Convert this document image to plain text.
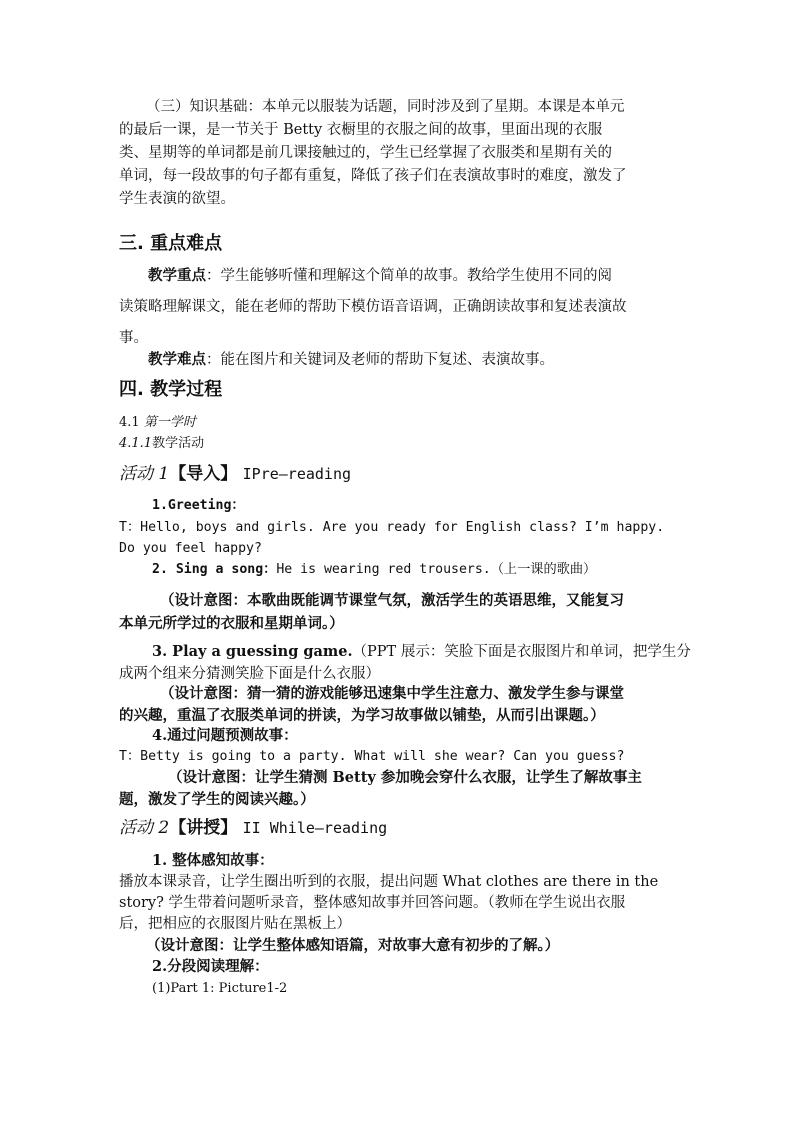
（三）知识基础：本单元以服装为话题，同时涉及到了星期。本课是本单元
的最后一课，是一节关于 Betty 衣橱里的衣服之间的故事，里面出现的衣服
类、星期等的单词都是前几课接触过的，学生已经掌握了衣服类和星期有关的
单词，每一段故事的句子都有重复，降低了孩子们在表演故事时的难度，激发了
学生表演的欲望。
三. 重点难点
教学重点：学生能够听懂和理解这个简单的故事。教给学生使用不同的阅
读策略理解课文，能在老师的帮助下模仿语音语调，正确朗读故事和复述表演故
事。
教学难点：能在图片和关键词及老师的帮助下复述、表演故事。
四. 教学过程
4.1 第一学时
4.1.1教学活动
活动 1【导入】 IPre—reading
1.Greeting：
T：Hello, boys and girls. Are you ready for English class? I’m happy.
Do you feel happy?
2. Sing a song：He is wearing red trousers.（上一课的歌曲）
（设计意图：本歌曲既能调节课堂气氛，激活学生的英语思维，又能复习
本单元所学过的衣服和星期单词。）
3. Play a guessing game.（PPT 展示：笑脸下面是衣服图片和单词，把学生分
成两个组来分猜测笑脸下面是什么衣服）
（设计意图：猜一猜的游戏能够迅速集中学生注意力、激发学生参与课堂
的兴趣，重温了衣服类单词的拼读，为学习故事做以铺垫，从而引出课题。）
4.通过问题预测故事：
T：Betty is going to a party. What will she wear? Can you guess?
（设计意图：让学生猜测 Betty 参加晚会穿什么衣服，让学生了解故事主
题，激发了学生的阅读兴趣。）
活动 2【讲授】 II While—reading
1. 整体感知故事：
播放本课录音，让学生圈出听到的衣服，提出问题 What clothes are there in the
story? 学生带着问题听录音，整体感知故事并回答问题。（教师在学生说出衣服
后，把相应的衣服图片贴在黑板上）
（设计意图：让学生整体感知语篇，对故事大意有初步的了解。）
2.分段阅读理解：
(1)Part 1: Picture1-2
